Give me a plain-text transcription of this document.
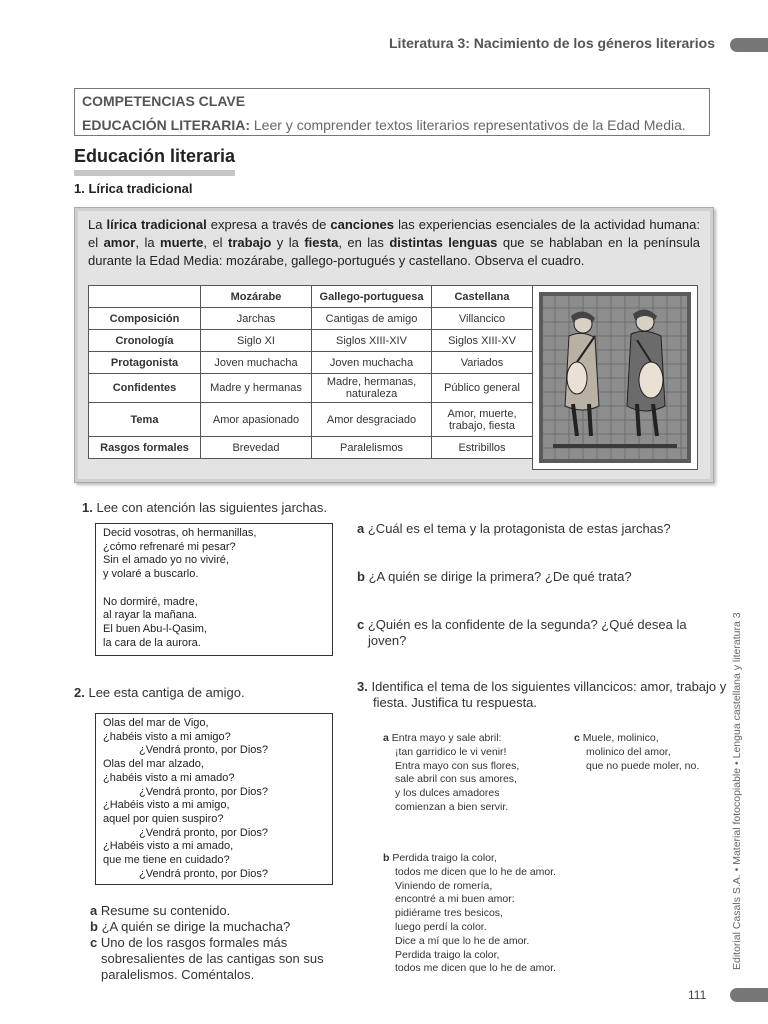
Literatura 3: Nacimiento de los géneros literarios
COMPETENCIAS CLAVE
EDUCACIÓN LITERARIA: Leer y comprender textos literarios representativos de la Edad Media.
Educación literaria
1. Lírica tradicional
La lírica tradicional expresa a través de canciones las experiencias esenciales de la actividad humana: el amor, la muerte, el trabajo y la fiesta, en las distintas lenguas que se hablaban en la península durante la Edad Media: mozárabe, gallego-portugués y castellano. Observa el cuadro.
	Mozárabe	Gallego-portuguesa	Castellana
Composición	Jarchas	Cantigas de amigo	Villancico
Cronología	Siglo XI	Siglos XIII-XIV	Siglos XIII-XV
Protagonista	Joven muchacha	Joven muchacha	Variados
Confidentes	Madre y hermanas	Madre, hermanas, naturaleza	Público general
Tema	Amor apasionado	Amor desgraciado	Amor, muerte, trabajo, fiesta
Rasgos formales	Brevedad	Paralelismos	Estribillos
1. Lee con atención las siguientes jarchas.
Decid vosotras, oh hermanillas,
¿cómo refrenaré mi pesar?
Sin el amado yo no viviré,
y volaré a buscarlo.
No dormiré, madre,
al rayar la mañana.
El buen Abu-l-Qasim,
la cara de la aurora.
a ¿Cuál es el tema y la protagonista de estas jarchas?
b ¿A quién se dirige la primera? ¿De qué trata?
c ¿Quién es la confidente de la segunda? ¿Qué desea la joven?
2. Lee esta cantiga de amigo.
Olas del mar de Vigo,
¿habéis visto a mi amigo?
¿Vendrá pronto, por Dios?
Olas del mar alzado,
¿habéis visto a mi amado?
¿Vendrá pronto, por Dios?
¿Habéis visto a mi amigo,
aquel por quien suspiro?
¿Vendrá pronto, por Dios?
¿Habéis visto a mi amado,
que me tiene en cuidado?
¿Vendrá pronto, por Dios?
a Resume su contenido.
b ¿A quién se dirige la muchacha?
c Uno de los rasgos formales más sobresalientes de las cantigas son sus paralelismos. Coméntalos.
3. Identifica el tema de los siguientes villancicos: amor, trabajo y fiesta. Justifica tu respuesta.
a Entra mayo y sale abril:
¡tan garridico le vi venir!
Entra mayo con sus flores,
sale abril con sus amores,
y los dulces amadores
comienzan a bien servir.
c Muele, molinico,
molinico del amor,
que no puede moler, no.
b Perdida traigo la color,
todos me dicen que lo he de amor.
Viniendo de romería,
encontré a mi buen amor:
pidiérame tres besicos,
luego perdí la color.
Dice a mí que lo he de amor.
Perdida traigo la color,
todos me dicen que lo he de amor.	Editorial Casals S.A. • Material fotocopiable • Lengua castellana y literatura 3
111
